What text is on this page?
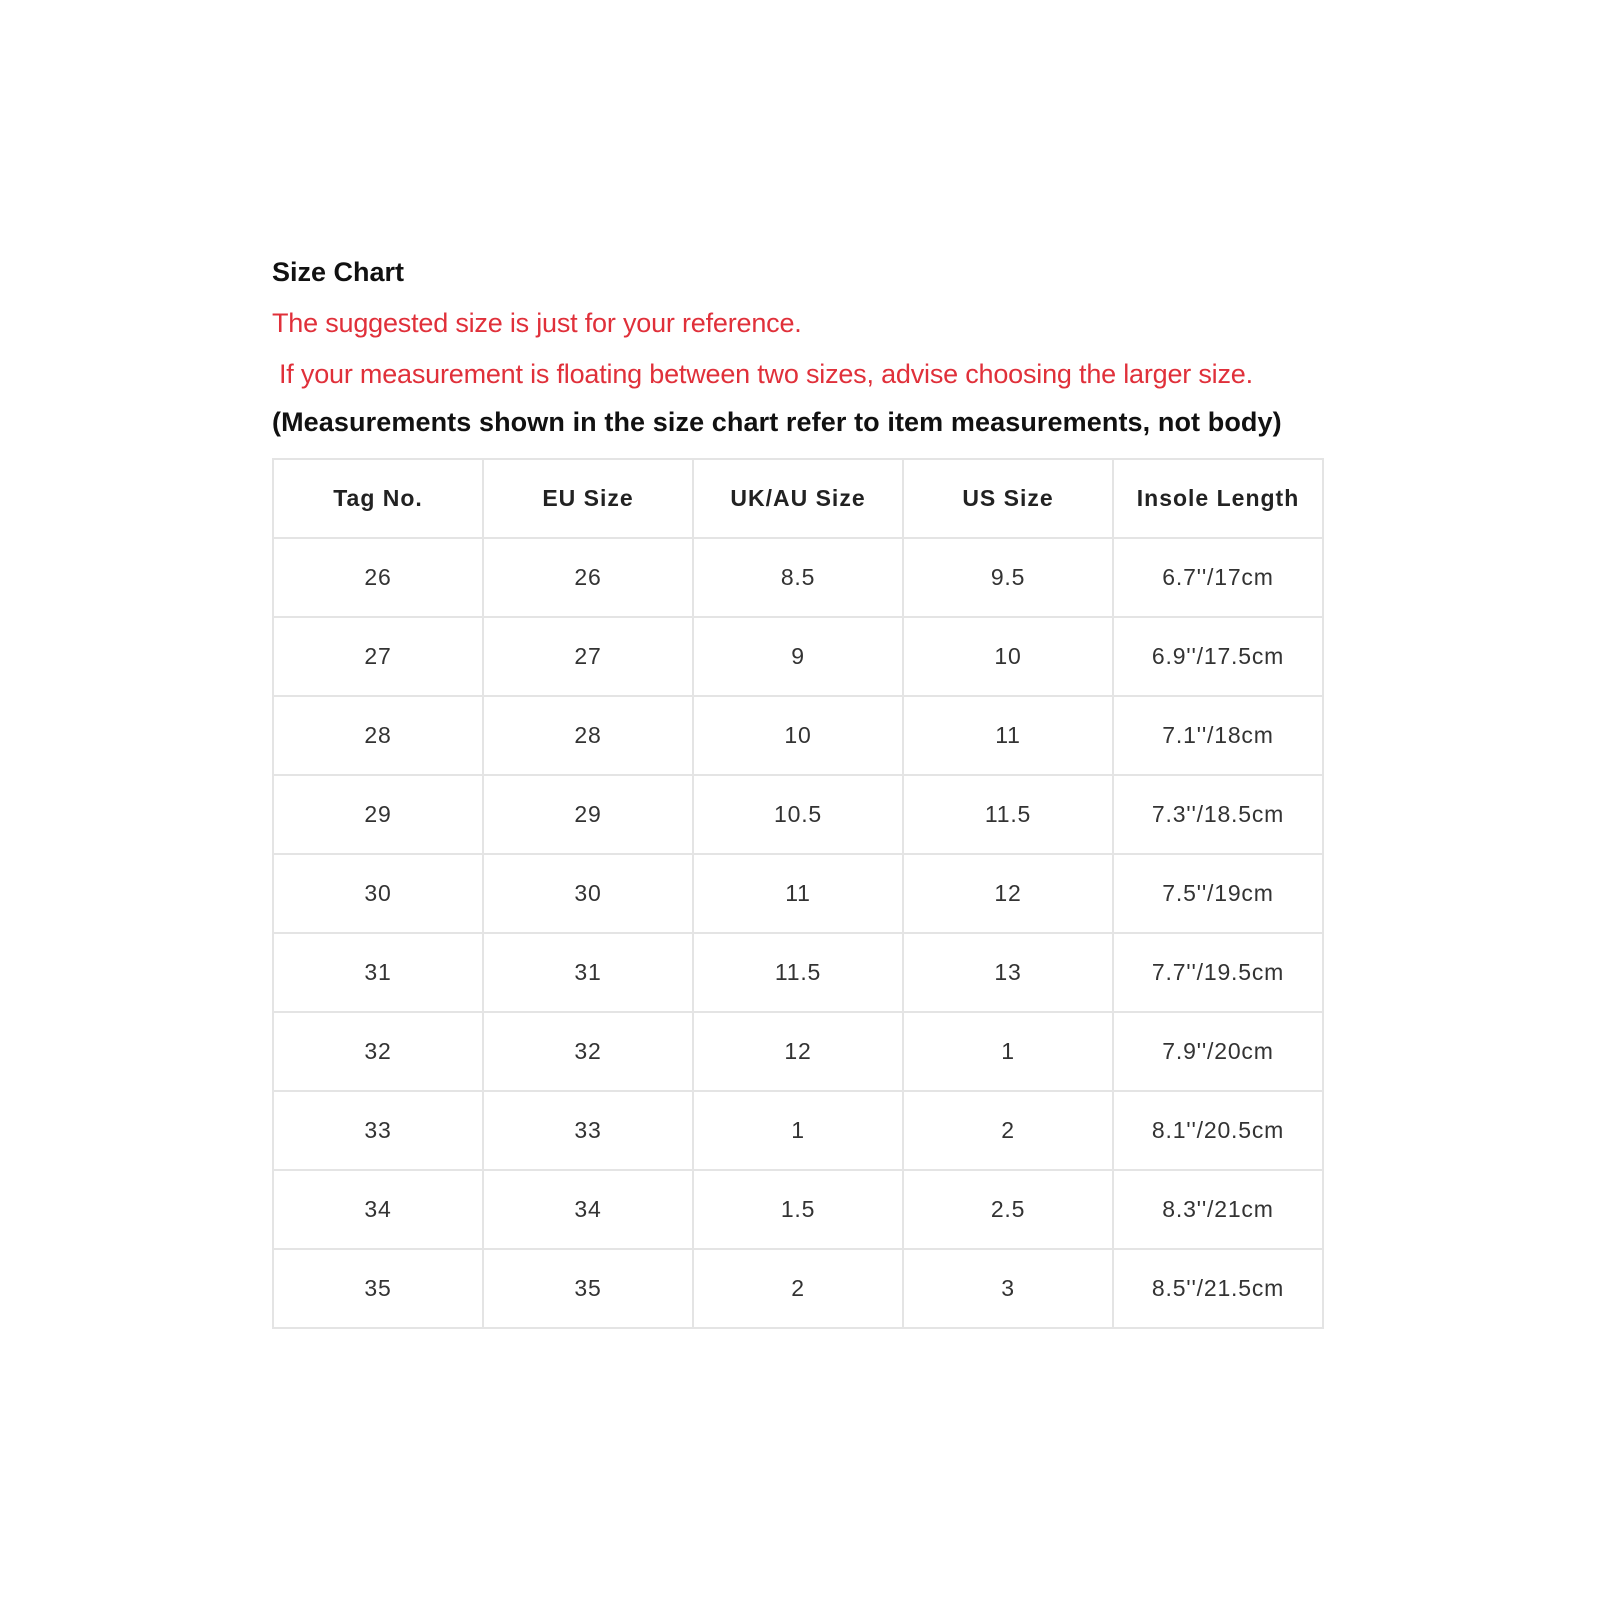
Size Chart

The suggested size is just for your reference.

If your measurement is floating between two sizes, advise choosing the larger size.

(Measurements shown in the size chart refer to item measurements, not body)

Tag No.	EU Size	UK/AU Size	US Size	Insole Length
26	26	8.5	9.5	6.7''/17cm
27	27	9	10	6.9''/17.5cm
28	28	10	11	7.1''/18cm
29	29	10.5	11.5	7.3''/18.5cm
30	30	11	12	7.5''/19cm
31	31	11.5	13	7.7''/19.5cm
32	32	12	1	7.9''/20cm
33	33	1	2	8.1''/20.5cm
34	34	1.5	2.5	8.3''/21cm
35	35	2	3	8.5''/21.5cm
